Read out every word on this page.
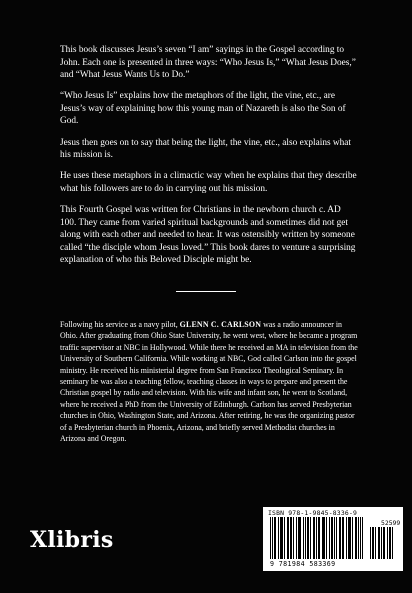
This book discusses Jesus’s seven “I am” sayings in the Gospel according to John. Each one is presented in three ways: “Who Jesus Is,” “What Jesus Does,” and “What Jesus Wants Us to Do.”

“Who Jesus Is” explains how the metaphors of the light, the vine, etc., are Jesus’s way of explaining how this young man of Nazareth is also the Son of God.

Jesus then goes on to say that being the light, the vine, etc., also explains what his mission is.

He uses these metaphors in a climactic way when he explains that they describe what his followers are to do in carrying out his mission.

This Fourth Gospel was written for Christians in the newborn church c. AD 100. They came from varied spiritual backgrounds and sometimes did not get along with each other and needed to hear. It was ostensibly written by someone called “the disciple whom Jesus loved.” This book dares to venture a surprising explanation of who this Beloved Disciple might be.

Following his service as a navy pilot, GLENN C. CARLSON was a radio announcer in Ohio. After graduating from Ohio State University, he went west, where he became a program traffic supervisor at NBC in Hollywood. While there he received an MA in television from the University of Southern California. While working at NBC, God called Carlson into the gospel ministry. He received his ministerial degree from San Francisco Theological Seminary. In seminary he was also a teaching fellow, teaching classes in ways to prepare and present the Christian gospel by radio and television. With his wife and infant son, he went to Scotland, where he received a PhD from the University of Edinburgh. Carlson has served Presbyterian churches in Ohio, Washington State, and Arizona. After retiring, he was the organizing pastor of a Presbyterian church in Phoenix, Arizona, and briefly served Methodist churches in Arizona and Oregon.
Xlibris
ISBN 978-1-9845-8336-9
52599
9 781984 583369
